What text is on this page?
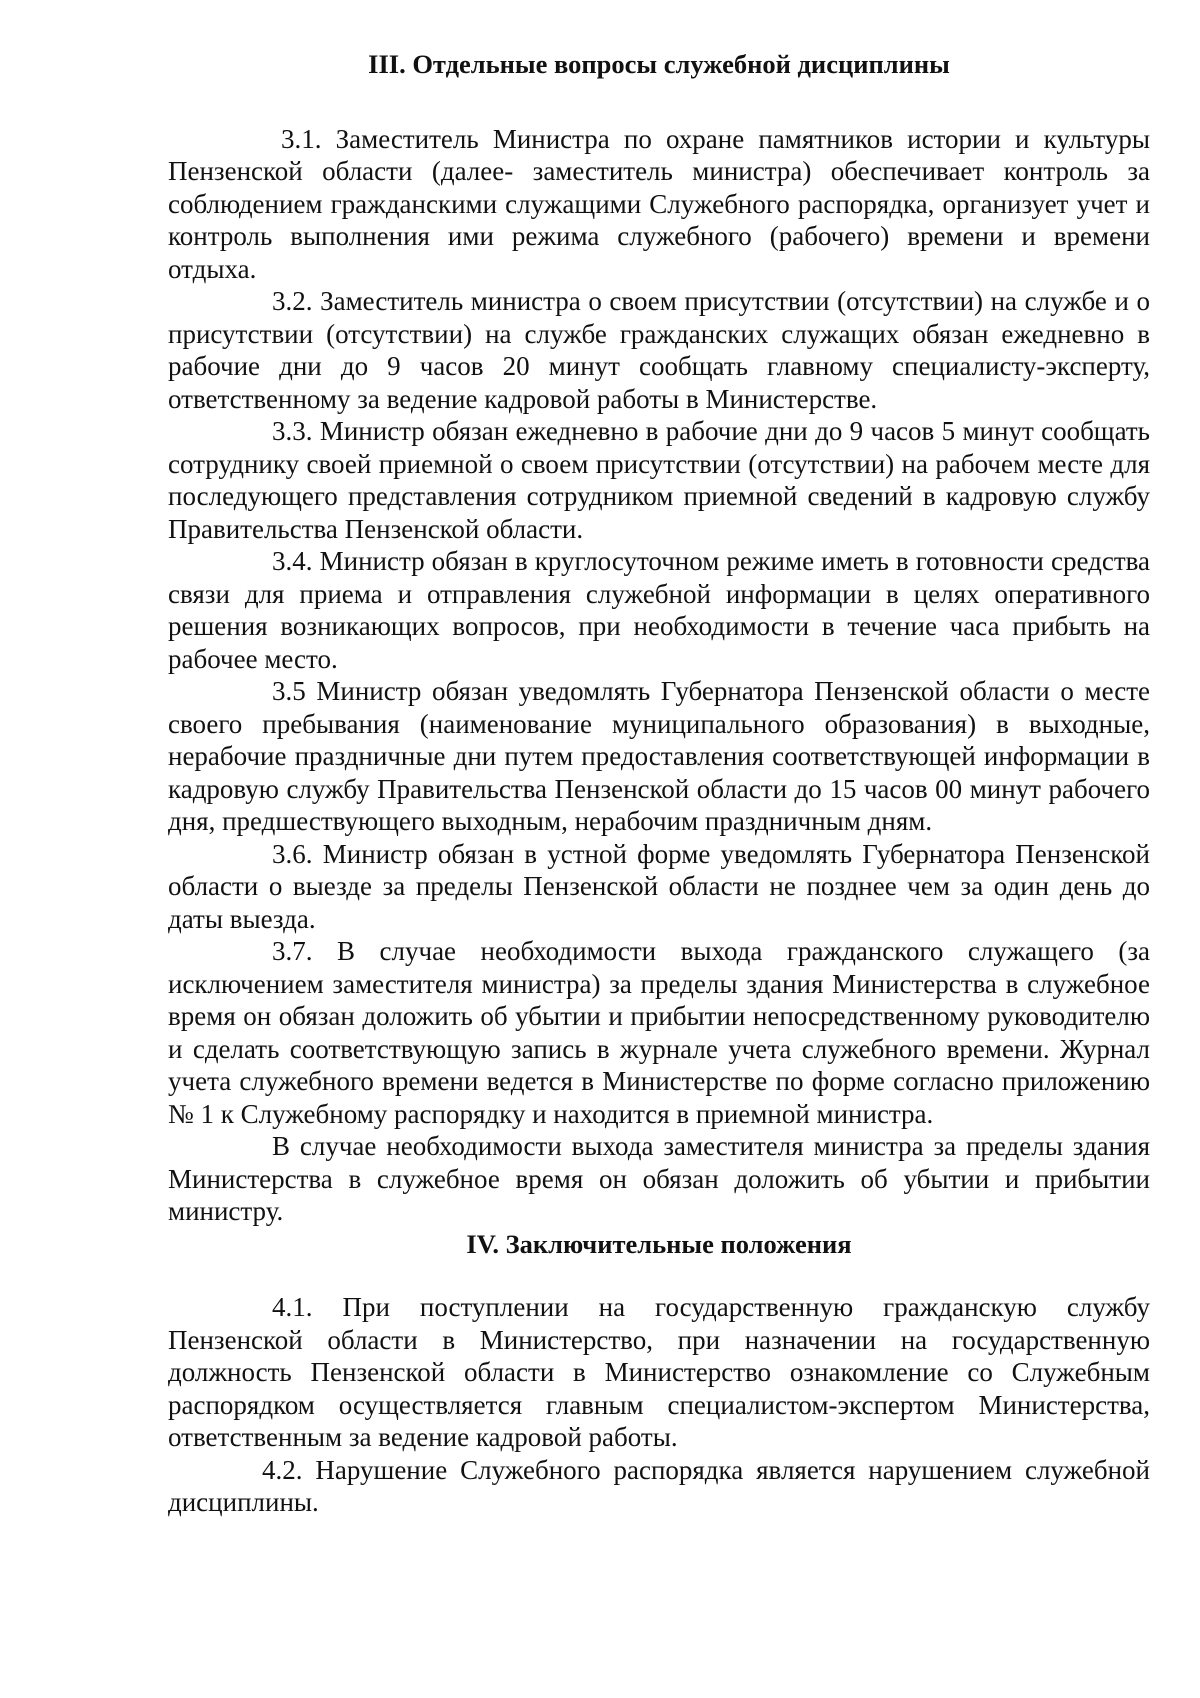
III. Отдельные вопросы служебной дисциплины

3.1. Заместитель Министра по охране памятников истории и культуры Пензенской области (далее- заместитель министра) обеспечивает контроль за соблюдением гражданскими служащими Служебного распорядка, организует учет и контроль выполнения ими режима служебного (рабочего) времени и времени отдыха.

3.2. Заместитель министра о своем присутствии (отсутствии) на службе и о присутствии (отсутствии) на службе гражданских служащих обязан ежедневно в рабочие дни до 9 часов 20 минут сообщать главному специалисту-эксперту, ответственному за ведение кадровой работы в Министерстве.

3.3. Министр обязан ежедневно в рабочие дни до 9 часов 5 минут сообщать сотруднику своей приемной о своем присутствии (отсутствии) на рабочем месте для последующего представления сотрудником приемной сведений в кадровую службу Правительства Пензенской области.

3.4. Министр обязан в круглосуточном режиме иметь в готовности средства связи для приема и отправления служебной информации в целях оперативного решения возникающих вопросов, при необходимости в течение часа прибыть на рабочее место.

3.5 Министр обязан уведомлять Губернатора Пензенской области о месте своего пребывания (наименование муниципального образования) в выходные, нерабочие праздничные дни путем предоставления соответствующей информации в кадровую службу Правительства Пензенской области до 15 часов 00 минут рабочего дня, предшествующего выходным, нерабочим праздничным дням.

3.6. Министр обязан в устной форме уведомлять Губернатора Пензенской области о выезде за пределы Пензенской области не позднее чем за один день до даты выезда.

3.7. В случае необходимости выхода гражданского служащего (за исключением заместителя министра) за пределы здания Министерства в служебное время он обязан доложить об убытии и прибытии непосредственному руководителю и сделать соответствующую запись в журнале учета служебного времени. Журнал учета служебного времени ведется в Министерстве по форме согласно приложению № 1 к Служебному распорядку и находится в приемной министра.

В случае необходимости выхода заместителя министра за пределы здания Министерства в служебное время он обязан доложить об убытии и прибытии министру.

IV. Заключительные положения

4.1. При поступлении на государственную гражданскую службу Пензенской области в Министерство, при назначении на государственную должность Пензенской области в Министерство ознакомление со Служебным распорядком осуществляется главным специалистом-экспертом Министерства, ответственным за ведение кадровой работы.

4.2. Нарушение Служебного распорядка является нарушением служебной дисциплины.
